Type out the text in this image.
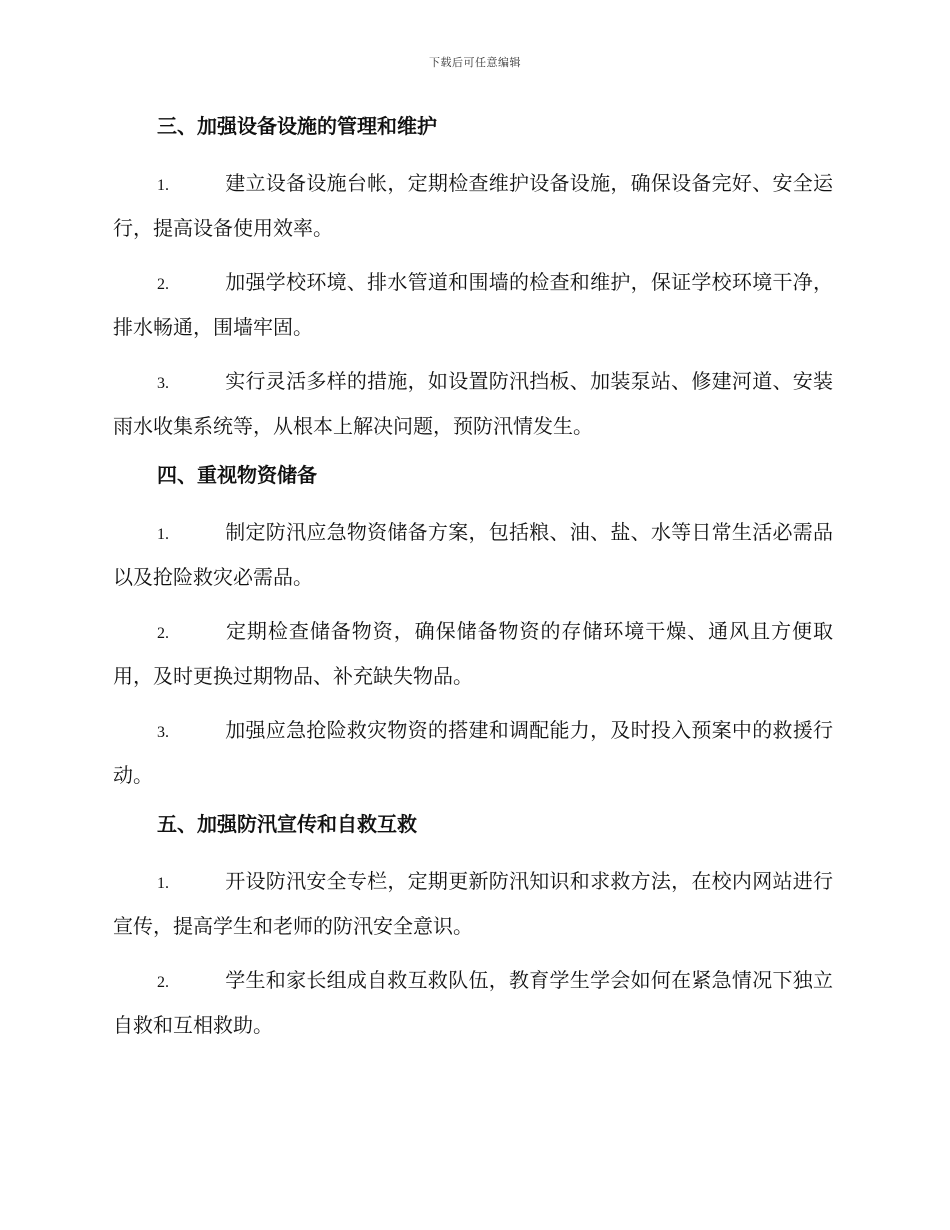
下载后可任意编辑
三、加强设备设施的管理和维护
1.	建立设备设施台帐，定期检查维护设备设施，确保设备完好、安全运行，提高设备使用效率。
2.	加强学校环境、排水管道和围墙的检查和维护，保证学校环境干净，排水畅通，围墙牢固。
3.	实行灵活多样的措施，如设置防汛挡板、加装泵站、修建河道、安装雨水收集系统等，从根本上解决问题，预防汛情发生。
四、重视物资储备
1.	制定防汛应急物资储备方案，包括粮、油、盐、水等日常生活必需品以及抢险救灾必需品。
2.	定期检查储备物资，确保储备物资的存储环境干燥、通风且方便取用，及时更换过期物品、补充缺失物品。
3.	加强应急抢险救灾物资的搭建和调配能力，及时投入预案中的救援行动。
五、加强防汛宣传和自救互救
1.	开设防汛安全专栏，定期更新防汛知识和求救方法，在校内网站进行宣传，提高学生和老师的防汛安全意识。
2.	学生和家长组成自救互救队伍，教育学生学会如何在紧急情况下独立自救和互相救助。
